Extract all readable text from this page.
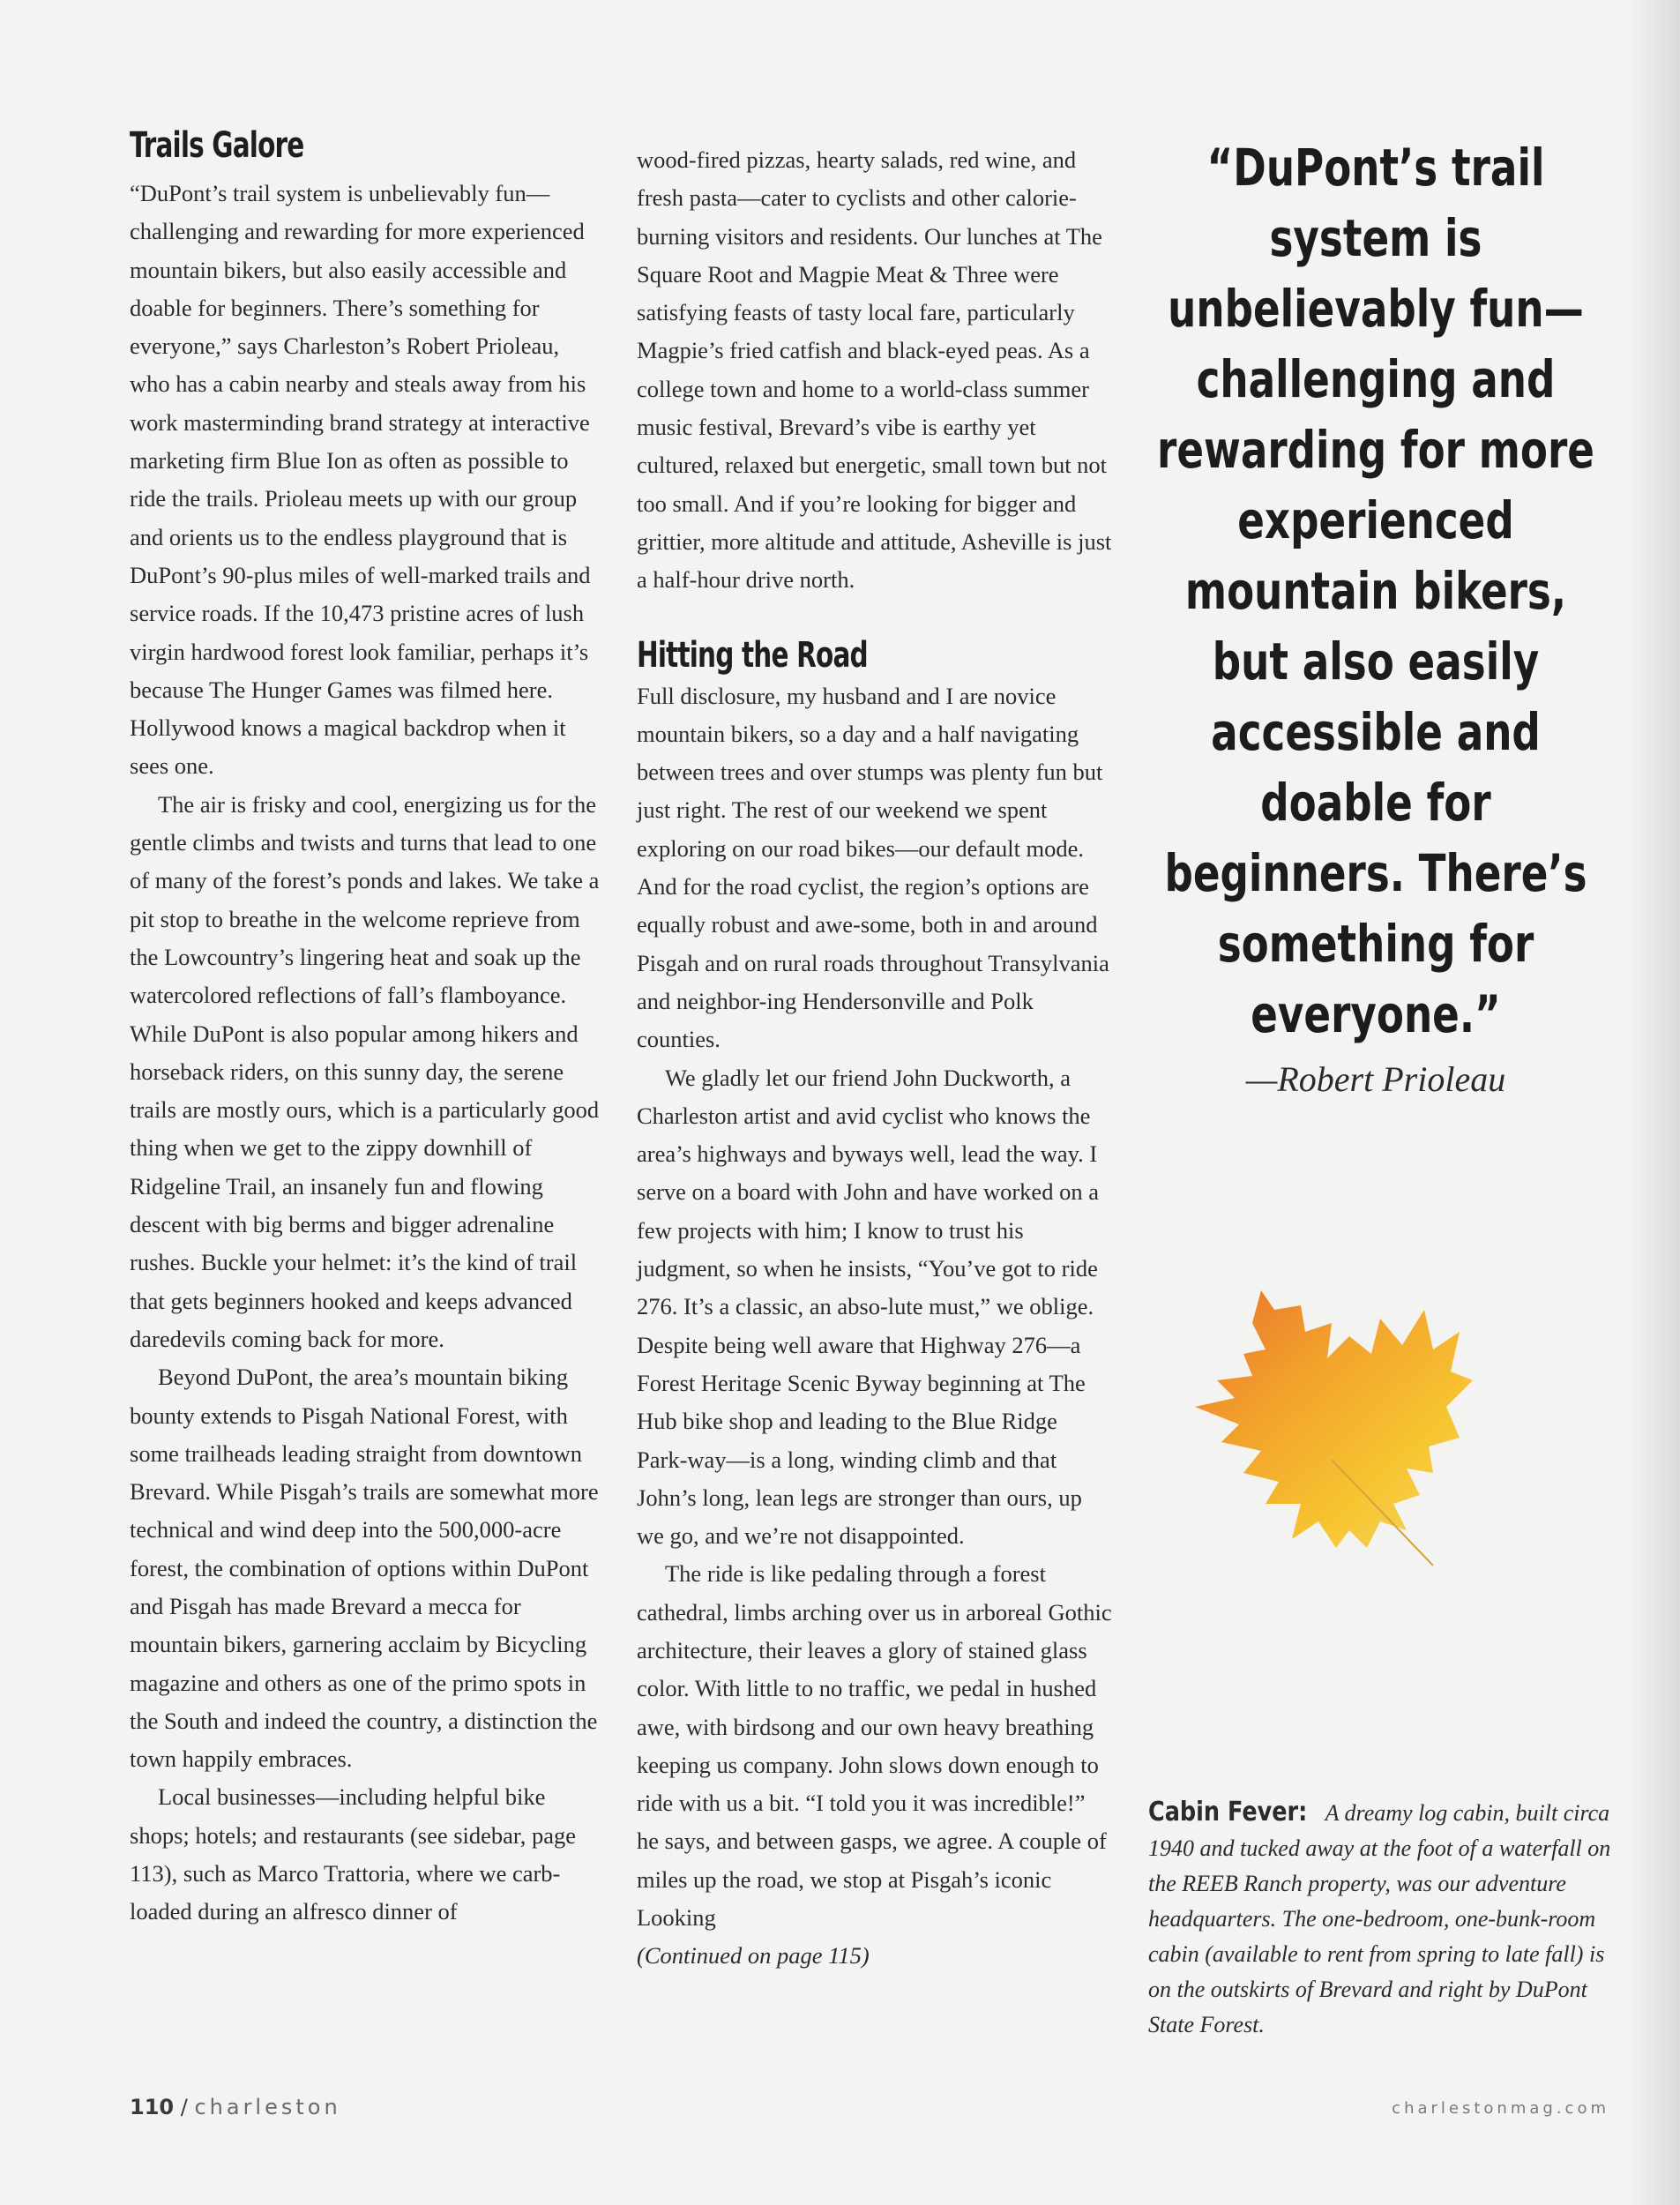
Trails Galore

“DuPont’s trail system is unbelievably fun—challenging and rewarding for more experienced mountain bikers, but also easily accessible and doable for beginners. There’s something for everyone,” says Charleston’s Robert Prioleau, who has a cabin nearby and steals away from his work masterminding brand strategy at interactive marketing firm Blue Ion as often as possible to ride the trails. Prioleau meets up with our group and orients us to the endless playground that is DuPont’s 90-plus miles of well-marked trails and service roads. If the 10,473 pristine acres of lush virgin hardwood forest look familiar, perhaps it’s because The Hunger Games was filmed here. Hollywood knows a magical backdrop when it sees one.

The air is frisky and cool, energizing us for the gentle climbs and twists and turns that lead to one of many of the forest’s ponds and lakes. We take a pit stop to breathe in the welcome reprieve from the Lowcountry’s lingering heat and soak up the watercolored reflections of fall’s flamboyance. While DuPont is also popular among hikers and horseback riders, on this sunny day, the serene trails are mostly ours, which is a particularly good thing when we get to the zippy downhill of Ridgeline Trail, an insanely fun and flowing descent with big berms and bigger adrenaline rushes. Buckle your helmet: it’s the kind of trail that gets beginners hooked and keeps advanced daredevils coming back for more.

Beyond DuPont, the area’s mountain biking bounty extends to Pisgah National Forest, with some trailheads leading straight from downtown Brevard. While Pisgah’s trails are somewhat more technical and wind deep into the 500,000-acre forest, the combination of options within DuPont and Pisgah has made Brevard a mecca for mountain bikers, garnering acclaim by Bicycling magazine and others as one of the primo spots in the South and indeed the country, a distinction the town happily embraces.

Local businesses—including helpful bike shops; hotels; and restaurants (see sidebar, page 113), such as Marco Trattoria, where we carb-loaded during an alfresco dinner of

wood-fired pizzas, hearty salads, red wine, and fresh pasta—cater to cyclists and other calorie-burning visitors and residents. Our lunches at The Square Root and Magpie Meat & Three were satisfying feasts of tasty local fare, particularly Magpie’s fried catfish and black-eyed peas. As a college town and home to a world-class summer music festival, Brevard’s vibe is earthy yet cultured, relaxed but energetic, small town but not too small. And if you’re looking for bigger and grittier, more altitude and attitude, Asheville is just a half-hour drive north.

Hitting the Road

Full disclosure, my husband and I are novice mountain bikers, so a day and a half navigating between trees and over stumps was plenty fun but just right. The rest of our weekend we spent exploring on our road bikes—our default mode. And for the road cyclist, the region’s options are equally robust and awe-some, both in and around Pisgah and on rural roads throughout Transylvania and neighbor-ing Hendersonville and Polk counties.

We gladly let our friend John Duckworth, a Charleston artist and avid cyclist who knows the area’s highways and byways well, lead the way. I serve on a board with John and have worked on a few projects with him; I know to trust his judgment, so when he insists, “You’ve got to ride 276. It’s a classic, an abso-lute must,” we oblige. Despite being well aware that Highway 276—a Forest Heritage Scenic Byway beginning at The Hub bike shop and leading to the Blue Ridge Park-way—is a long, winding climb and that John’s long, lean legs are stronger than ours, up we go, and we’re not disappointed.

The ride is like pedaling through a forest cathedral, limbs arching over us in arboreal Gothic architecture, their leaves a glory of stained glass color. With little to no traffic, we pedal in hushed awe, with birdsong and our own heavy breathing keeping us company. John slows down enough to ride with us a bit. “I told you it was incredible!” he says, and between gasps, we agree. A couple of miles up the road, we stop at Pisgah’s iconic Looking

(Continued on page 115)

“DuPont’s trail system is unbelievably fun—challenging and rewarding for more experienced mountain bikers, but also easily accessible and doable for beginners. There’s something for everyone.”

—Robert Prioleau
Cabin Fever: A dreamy log cabin, built circa 1940 and tucked away at the foot of a waterfall on the REEB Ranch property, was our adventure headquarters. The one-bedroom, one-bunk-room cabin (available to rent from spring to late fall) is on the outskirts of Brevard and right by DuPont State Forest.
110 / charleston	charlestonmag.com
